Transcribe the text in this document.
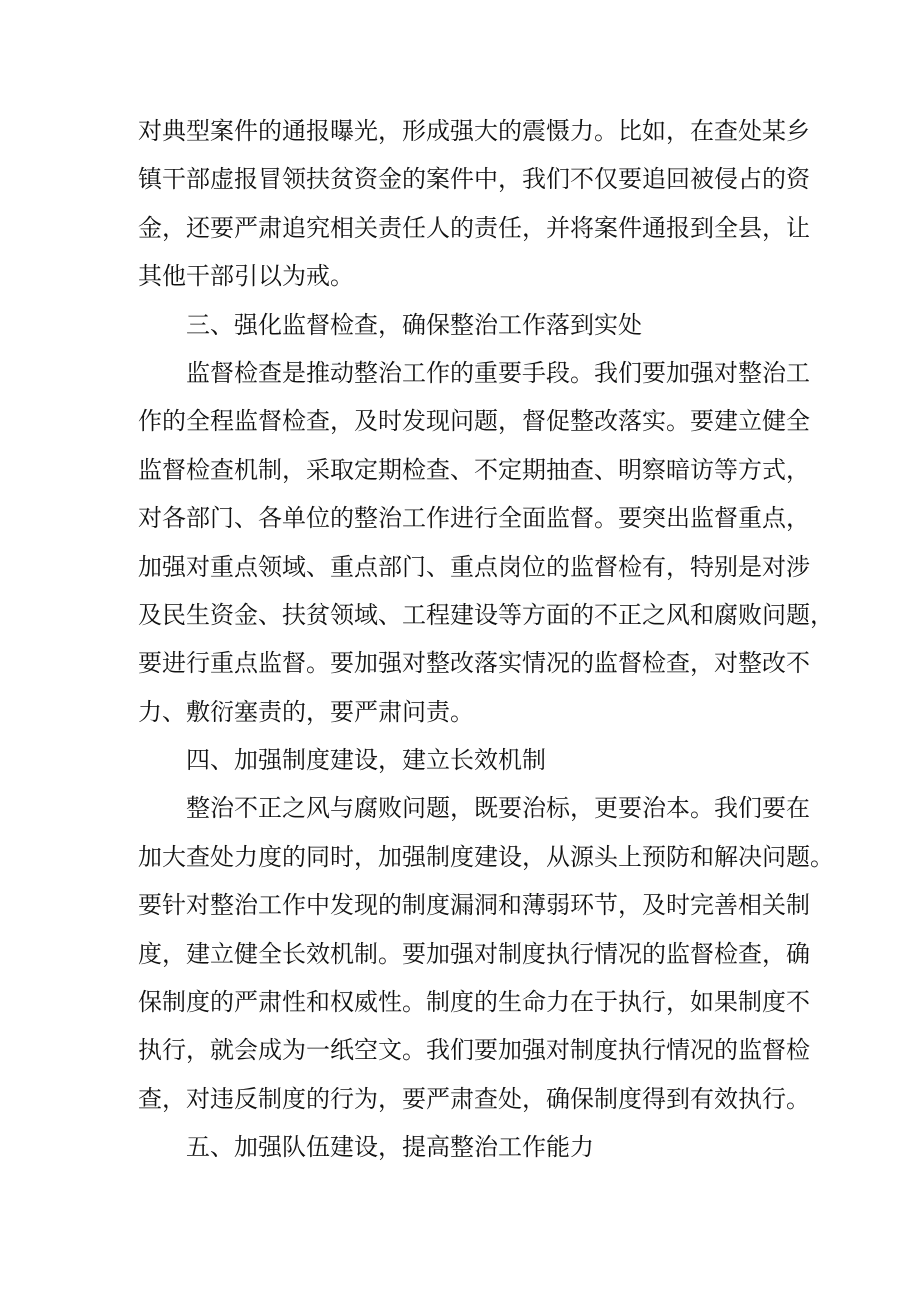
对典型案件的通报曝光，形成强大的震慑力。比如，在查处某乡
镇干部虚报冒领扶贫资金的案件中，我们不仅要追回被侵占的资
金，还要严肃追究相关责任人的责任，并将案件通报到全县，让
其他干部引以为戒。
三、强化监督检查，确保整治工作落到实处
监督检查是推动整治工作的重要手段。我们要加强对整治工
作的全程监督检查，及时发现问题，督促整改落实。要建立健全
监督检查机制，采取定期检查、不定期抽查、明察暗访等方式，
对各部门、各单位的整治工作进行全面监督。要突出监督重点，
加强对重点领域、重点部门、重点岗位的监督检有，特别是对涉
及民生资金、扶贫领域、工程建设等方面的不正之风和腐败问题，
要进行重点监督。要加强对整改落实情况的监督检查，对整改不
力、敷衍塞责的，要严肃问责。
四、加强制度建设，建立长效机制
整治不正之风与腐败问题，既要治标，更要治本。我们要在
加大查处力度的同时，加强制度建设，从源头上预防和解决问题。
要针对整治工作中发现的制度漏洞和薄弱环节，及时完善相关制
度，建立健全长效机制。要加强对制度执行情况的监督检查，确
保制度的严肃性和权威性。制度的生命力在于执行，如果制度不
执行，就会成为一纸空文。我们要加强对制度执行情况的监督检
查，对违反制度的行为，要严肃查处，确保制度得到有效执行。
五、加强队伍建设，提高整治工作能力
